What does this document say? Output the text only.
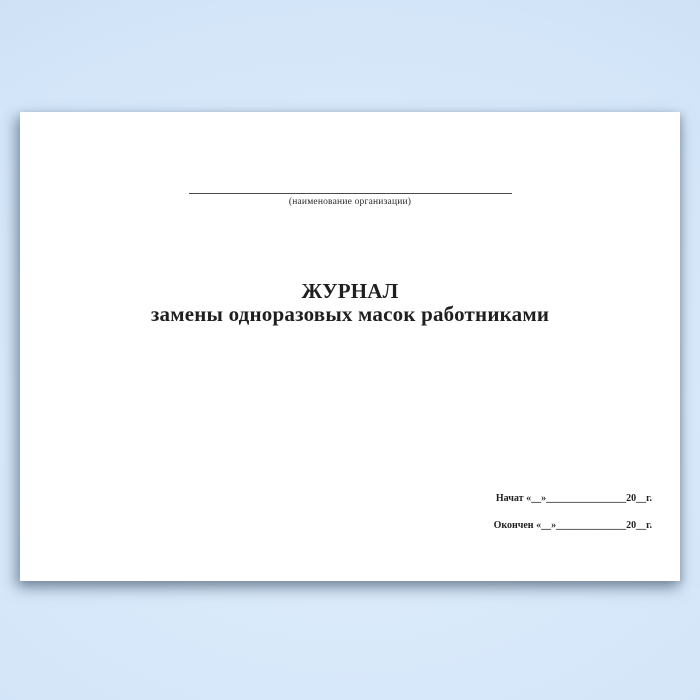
(наименование организации)
ЖУРНАЛ
замены одноразовых масок работниками
Начат «__»________________20__г.
Окончен «__»______________20__г.
